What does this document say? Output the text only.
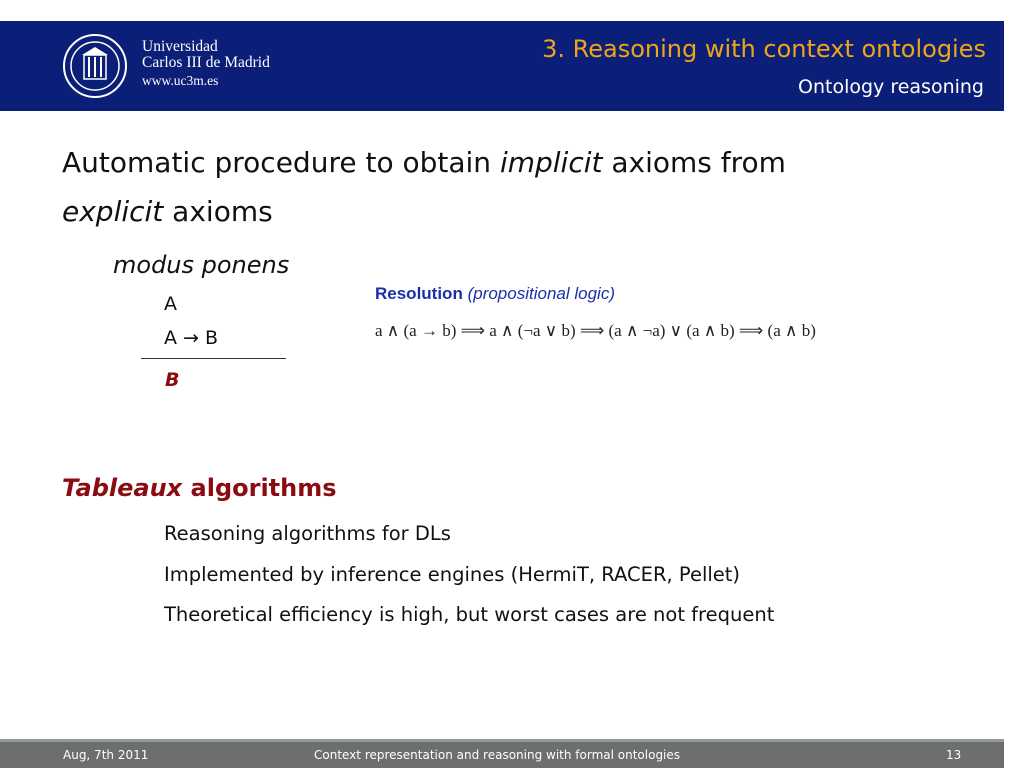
Universidad
Carlos III de Madrid
www.uc3m.es
3. Reasoning with context ontologies
Ontology reasoning
Automatic procedure to obtain implicit axioms from
explicit axioms
modus ponens
A
A → B
B
Resolution (propositional logic)
a ∧ (a → b) ⟹ a ∧ (¬a ∨ b) ⟹ (a ∧ ¬a) ∨ (a ∧ b) ⟹ (a ∧ b)
Tableaux algorithms
Reasoning algorithms for DLs
Implemented by inference engines (HermiT, RACER, Pellet)
Theoretical efficiency is high, but worst cases are not frequent
Aug, 7th 2011	Context representation and reasoning with formal ontologies	13
